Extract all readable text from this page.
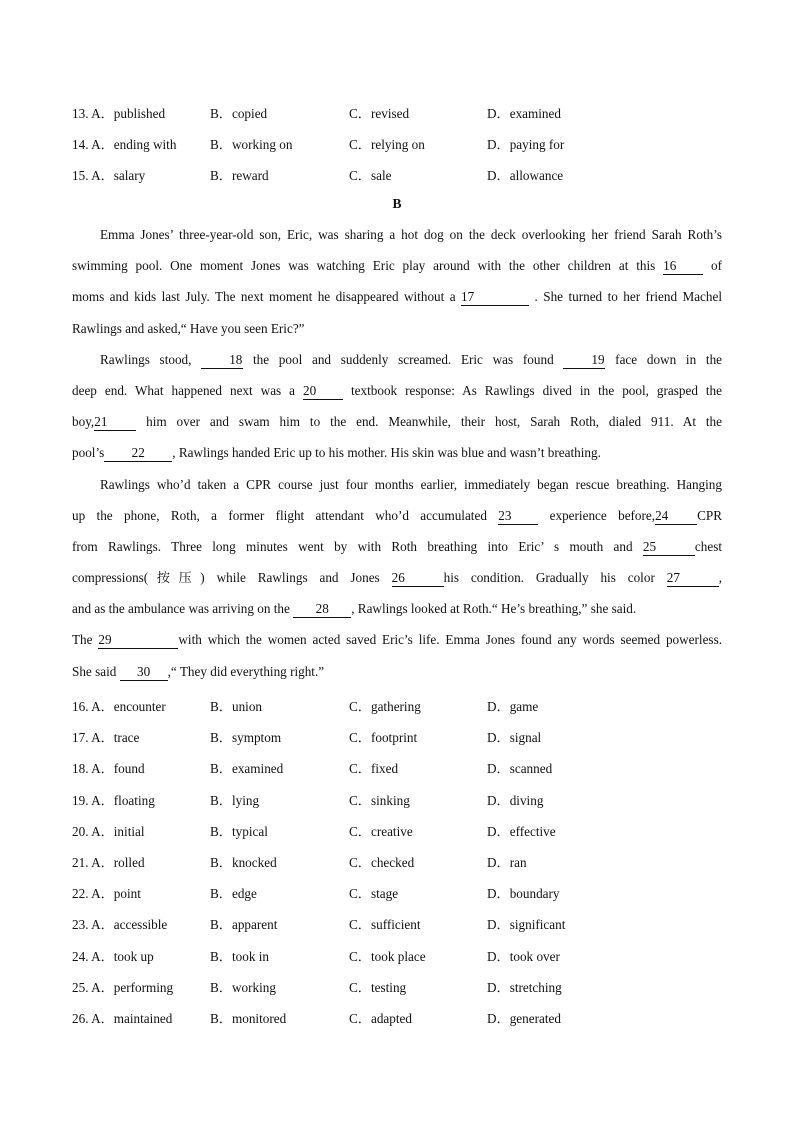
13. A．published	B．copied	C．revised	D．examined
14. A．ending with	B．working on	C．relying on	D．paying for
15. A．salary	B．reward	C．sale	D．allowance
B
Emma Jones’ three-year-old son, Eric, was sharing a hot dog on the deck overlooking her friend Sarah Roth’s
swimming pool. One moment Jones was watching Eric play around with the other children at this 16	of
moms and kids last July. The next moment he disappeared without a 17	. She turned to her friend Machel
Rawlings and asked,“ Have you seen Eric?”
Rawlings stood,	18 the pool and suddenly screamed. Eric was found	19 face down in the
deep end. What happened next was a 20	textbook response: As Rawlings dived in the pool, grasped the
boy,21	him over and swam him to the end. Meanwhile, their host, Sarah Roth, dialed 911. At the
pool’s 22 , Rawlings handed Eric up to his mother. His skin was blue and wasn’t breathing.
Rawlings who’d taken a CPR course just four months earlier, immediately began rescue breathing. Hanging
up the phone, Roth, a former flight attendant who’d accumulated 23	experience before,24 CPR
from Rawlings. Three long minutes went by with Roth breathing into Eric’ s mouth and 25	chest
compressions(按压) while Rawlings and Jones 26	his condition. Gradually his color 27	,
and as the ambulance was arriving on the 28 , Rawlings looked at Roth.“ He’s breathing,” she said.
The 29	with which the women acted saved Eric’s life. Emma Jones found any words seemed powerless.
She said 30 ,“ They did everything right.”
16. A．encounter	B．union	C．gathering	D．game
17. A．trace	B．symptom	C．footprint	D．signal
18. A．found	B．examined	C．fixed	D．scanned
19. A．floating	B．lying	C．sinking	D．diving
20. A．initial	B．typical	C．creative	D．effective
21. A．rolled	B．knocked	C．checked	D．ran
22. A．point	B．edge	C．stage	D．boundary
23. A．accessible	B．apparent	C．sufficient	D．significant
24. A．took up	B．took in	C．took place	D．took over
25. A．performing	B．working	C．testing	D．stretching
26. A．maintained	B．monitored	C．adapted	D．generated
